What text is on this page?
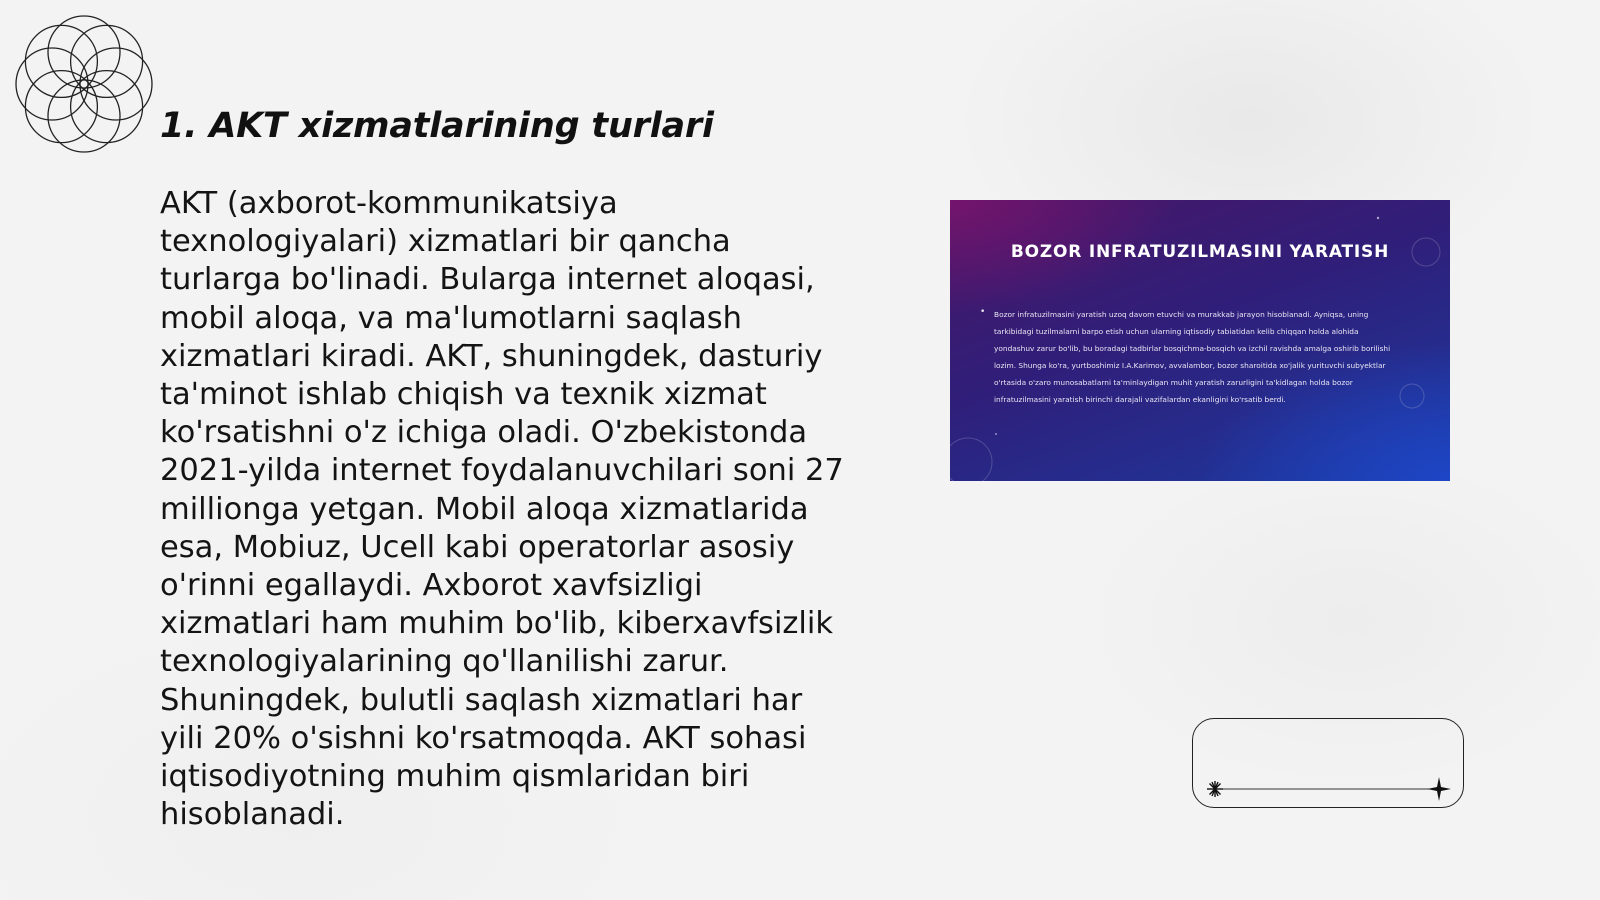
1. AKT xizmatlarining turlari

AKT (axborot-kommunikatsiya texnologiyalari) xizmatlari bir qancha turlarga bo'linadi. Bularga internet aloqasi, mobil aloqa, va ma'lumotlarni saqlash xizmatlari kiradi. AKT, shuningdek, dasturiy ta'minot ishlab chiqish va texnik xizmat ko'rsatishni o'z ichiga oladi. O'zbekistonda 2021-yilda internet foydalanuvchilari soni 27 millionga yetgan. Mobil aloqa xizmatlarida esa, Mobiuz, Ucell kabi operatorlar asosiy o'rinni egallaydi. Axborot xavfsizligi xizmatlari ham muhim bo'lib, kiberxavfsizlik texnologiyalarining qo'llanilishi zarur. Shuningdek, bulutli saqlash xizmatlari har yili 20% o'sishni ko'rsatmoqda. AKT sohasi iqtisodiyotning muhim qismlaridan biri hisoblanadi.

BOZOR INFRATUZILMASINI YARATISH

• Bozor infratuzilmasini yaratish uzoq davom etuvchi va murakkab jarayon hisoblanadi. Ayniqsa, uning tarkibidagi tuzilmalarni barpo etish uchun ularning iqtisodiy tabiatidan kelib chiqqan holda alohida yondashuv zarur bo'lib, bu boradagi tadbirlar bosqichma-bosqich va izchil ravishda amalga oshirib borilishi lozim. Shunga ko'ra, yurtboshimiz I.A.Karimov, avvalambor, bozor sharoitida xo'jalik yurituvchi subyektlar o'rtasida o'zaro munosabatlarni ta'minlaydigan muhit yaratish zarurligini ta'kidlagan holda bozor infratuzilmasini yaratish birinchi darajali vazifalardan ekanligini ko'rsatib berdi.
